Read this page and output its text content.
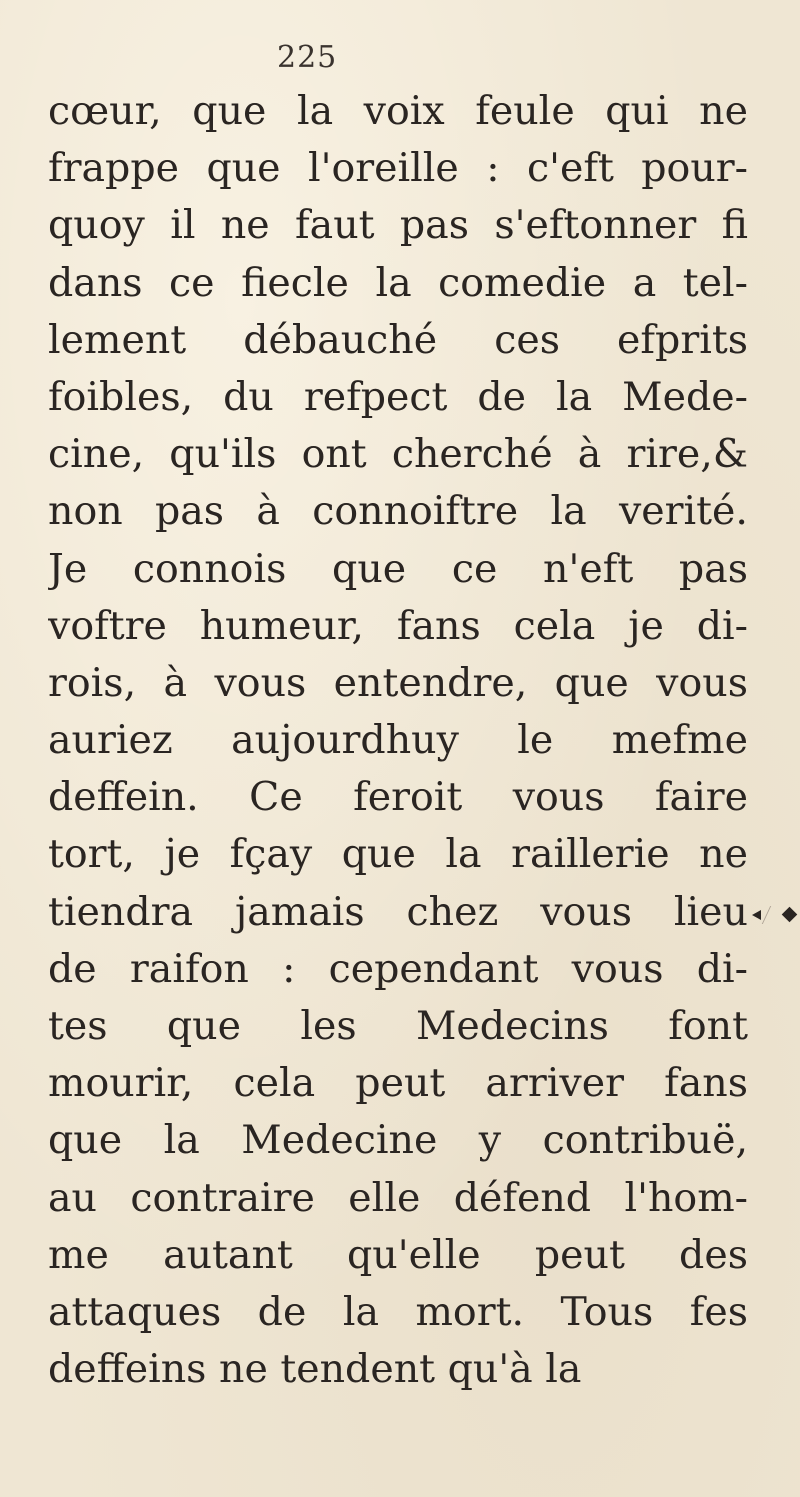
225
cœur, que la voix feule qui ne
frappe que l'oreille : c'eft pour-
quoy il ne faut pas s'eftonner fi
dans ce fiecle la comedie a tel-
lement débauché ces efprits
foibles, du refpect de la Mede-
cine, qu'ils ont cherché à rire,&
non pas à connoiftre la verité.
Je connois que ce n'eft pas
voftre humeur, fans cela je di-
rois, à vous entendre, que vous
auriez aujourdhuy le mefme
deffein. Ce feroit vous faire
tort, je fçay que la raillerie ne
tiendra jamais chez vous lieu
de raifon : cependant vous di-
tes que les Medecins font
mourir, cela peut arriver fans
que la Medecine y contribuë,
au contraire elle défend l'hom-
me autant qu'elle peut des
attaques de la mort. Tous fes
deffeins ne tendent qu'à la
